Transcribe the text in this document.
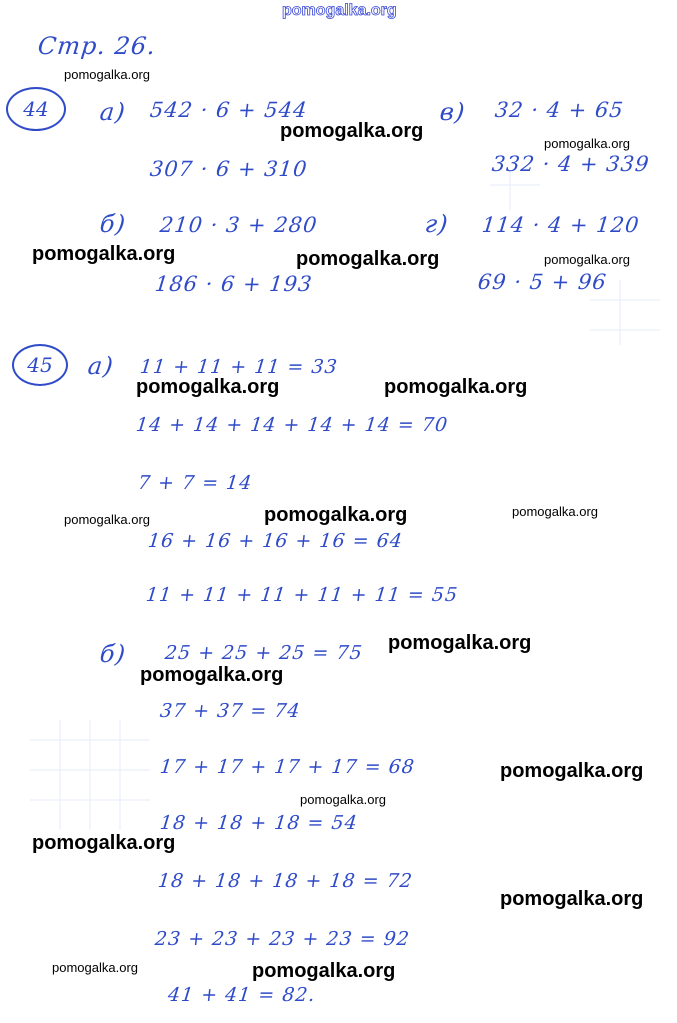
Стр. 26.
44	а) 542 · 6 + 544
307 · 6 + 310
в) 32 · 4 + 65
332 · 4 + 339
б) 210 · 3 + 280
186 · 6 + 193
г) 114 · 4 + 120
69 · 5 + 96
45	а) 11 + 11 + 11 = 33
14 + 14 + 14 + 14 + 14 = 70
7 + 7 = 14
16 + 16 + 16 + 16 = 64
11 + 11 + 11 + 11 + 11 = 55
б) 25 + 25 + 25 = 75
37 + 37 = 74
17 + 17 + 17 + 17 = 68
18 + 18 + 18 = 54
18 + 18 + 18 + 18 = 72
23 + 23 + 23 + 23 = 92
41 + 41 = 82.
pomogalka.org
pomogalka.org
pomogalka.org
pomogalka.org
pomogalka.org	pomogalka.org	pomogalka.org
pomogalka.org	pomogalka.org
pomogalka.org	pomogalka.org	pomogalka.org
pomogalka.org
pomogalka.org
pomogalka.org
pomogalka.org
pomogalka.org
pomogalka.org
pomogalka.org	pomogalka.org
